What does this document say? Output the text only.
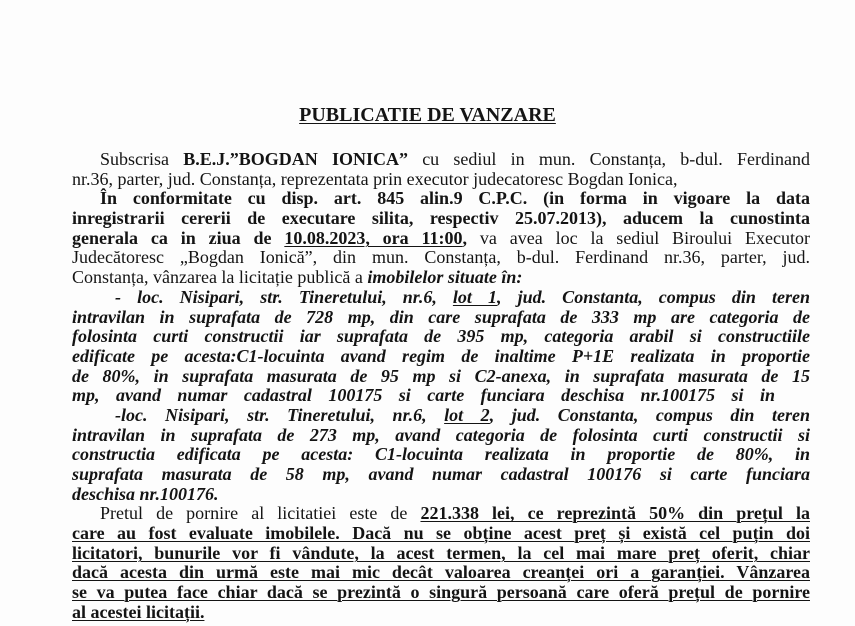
PUBLICATIE DE VANZARE
Subscrisa B.E.J.”BOGDAN IONICA” cu sediul in mun. Constanța, b-dul. Ferdinand
nr.36, parter, jud. Constanța, reprezentata prin executor judecatoresc Bogdan Ionica,
În conformitate cu disp. art. 845 alin.9 C.P.C. (in forma in vigoare la data
inregistrarii cererii de executare silita, respectiv 25.07.2013), aducem la cunostinta
generala ca in ziua de 10.08.2023, ora 11:00, va avea loc la sediul Biroului Executor
Judecătoresc „Bogdan Ionică”, din mun. Constanța, b-dul. Ferdinand nr.36, parter, jud.
Constanța, vânzarea la licitație publică a imobilelor situate în:
- loc. Nisipari, str. Tineretului, nr.6, lot 1, jud. Constanta, compus din teren
intravilan in suprafata de 728 mp, din care suprafata de 333 mp are categoria de
folosinta curti constructii iar suprafata de 395 mp, categoria arabil si constructiile
edificate pe acesta:C1-locuinta avand regim de inaltime P+1E realizata in proportie
de 80%, in suprafata masurata de 95 mp si C2-anexa, in suprafata masurata de 15
mp, avand numar cadastral 100175 si carte funciara deschisa nr.100175 si in
-loc. Nisipari, str. Tineretului, nr.6, lot 2, jud. Constanta, compus din teren
intravilan in suprafata de 273 mp, avand categoria de folosinta curti constructii si
constructia edificata pe acesta: C1-locuinta realizata in proportie de 80%, in
suprafata masurata de 58 mp, avand numar cadastral 100176 si carte funciara
deschisa nr.100176.
Pretul de pornire al licitatiei este de 221.338 lei, ce reprezintă 50% din prețul la
care au fost evaluate imobilele. Dacă nu se obține acest preț și există cel puțin doi
licitatori, bunurile vor fi vândute, la acest termen, la cel mai mare preț oferit, chiar
dacă acesta din urmă este mai mic decât valoarea creanței ori a garanției. Vânzarea
se va putea face chiar dacă se prezintă o singură persoană care oferă prețul de pornire
al acestei licitații.
